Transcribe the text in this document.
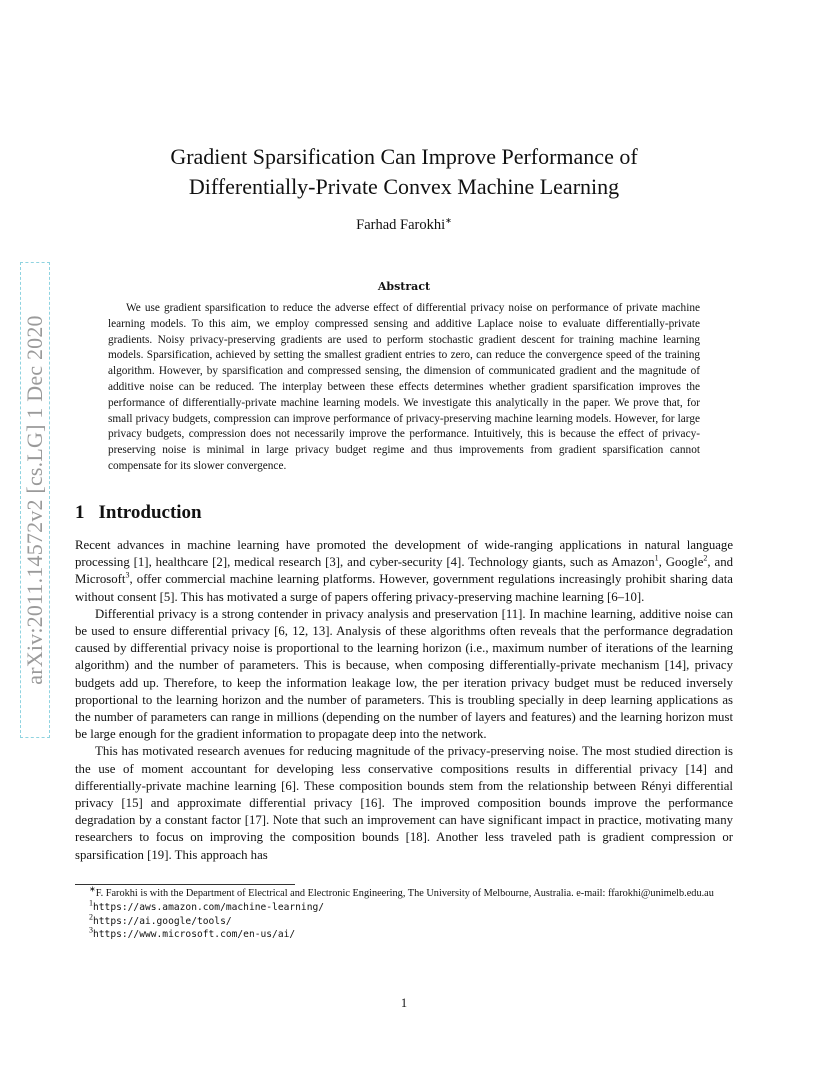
arXiv:2011.14572v2 [cs.LG] 1 Dec 2020
Gradient Sparsification Can Improve Performance of
Differentially-Private Convex Machine Learning
Farhad Farokhi∗
Abstract
We use gradient sparsification to reduce the adverse effect of differential privacy noise on performance of private machine learning models. To this aim, we employ compressed sensing and additive Laplace noise to evaluate differentially-private gradients. Noisy privacy-preserving gradients are used to perform stochastic gradient descent for training machine learning models. Sparsification, achieved by setting the smallest gradient entries to zero, can reduce the convergence speed of the training algorithm. However, by sparsification and compressed sensing, the dimension of communicated gradient and the magnitude of additive noise can be reduced. The interplay between these effects determines whether gradient sparsification improves the performance of differentially-private machine learning models. We investigate this analytically in the paper. We prove that, for small privacy budgets, compression can improve performance of privacy-preserving machine learning models. However, for large privacy budgets, compression does not necessarily improve the performance. Intuitively, this is because the effect of privacy-preserving noise is minimal in large privacy budget regime and thus improvements from gradient sparsification cannot compensate for its slower convergence.
1 Introduction

Recent advances in machine learning have promoted the development of wide-ranging applications in natural language processing [1], healthcare [2], medical research [3], and cyber-security [4]. Technology giants, such as Amazon$^1$, Google$^2$, and Microsoft$^3$, offer commercial machine learning platforms. However, government regulations increasingly prohibit sharing data without consent [5]. This has motivated a surge of papers offering privacy-preserving machine learning [6–10].

Differential privacy is a strong contender in privacy analysis and preservation [11]. In machine learning, additive noise can be used to ensure differential privacy [6, 12, 13]. Analysis of these algorithms often reveals that the performance degradation caused by differential privacy noise is proportional to the learning horizon (i.e., maximum number of iterations of the learning algorithm) and the number of parameters. This is because, when composing differentially-private mechanism [14], privacy budgets add up. Therefore, to keep the information leakage low, the per iteration privacy budget must be reduced inversely proportional to the learning horizon and the number of parameters. This is troubling specially in deep learning applications as the number of parameters can range in millions (depending on the number of layers and features) and the learning horizon must be large enough for the gradient information to propagate deep into the network.

This has motivated research avenues for reducing magnitude of the privacy-preserving noise. The most studied direction is the use of moment accountant for developing less conservative compositions results in differential privacy [14] and differentially-private machine learning [6]. These composition bounds stem from the relationship between Rényi differential privacy [15] and approximate differential privacy [16]. The improved composition bounds improve the performance degradation by a constant factor [17]. Note that such an improvement can have significant impact in practice, motivating many researchers to focus on improving the composition bounds [18]. Another less traveled path is gradient compression or sparsification [19]. This approach has

∗F. Farokhi is with the Department of Electrical and Electronic Engineering, The University of Melbourne, Australia. e-mail: ffarokhi@unimelb.edu.au
$^1$https://aws.amazon.com/machine-learning/
$^2$https://ai.google/tools/
$^3$https://www.microsoft.com/en-us/ai/
1
